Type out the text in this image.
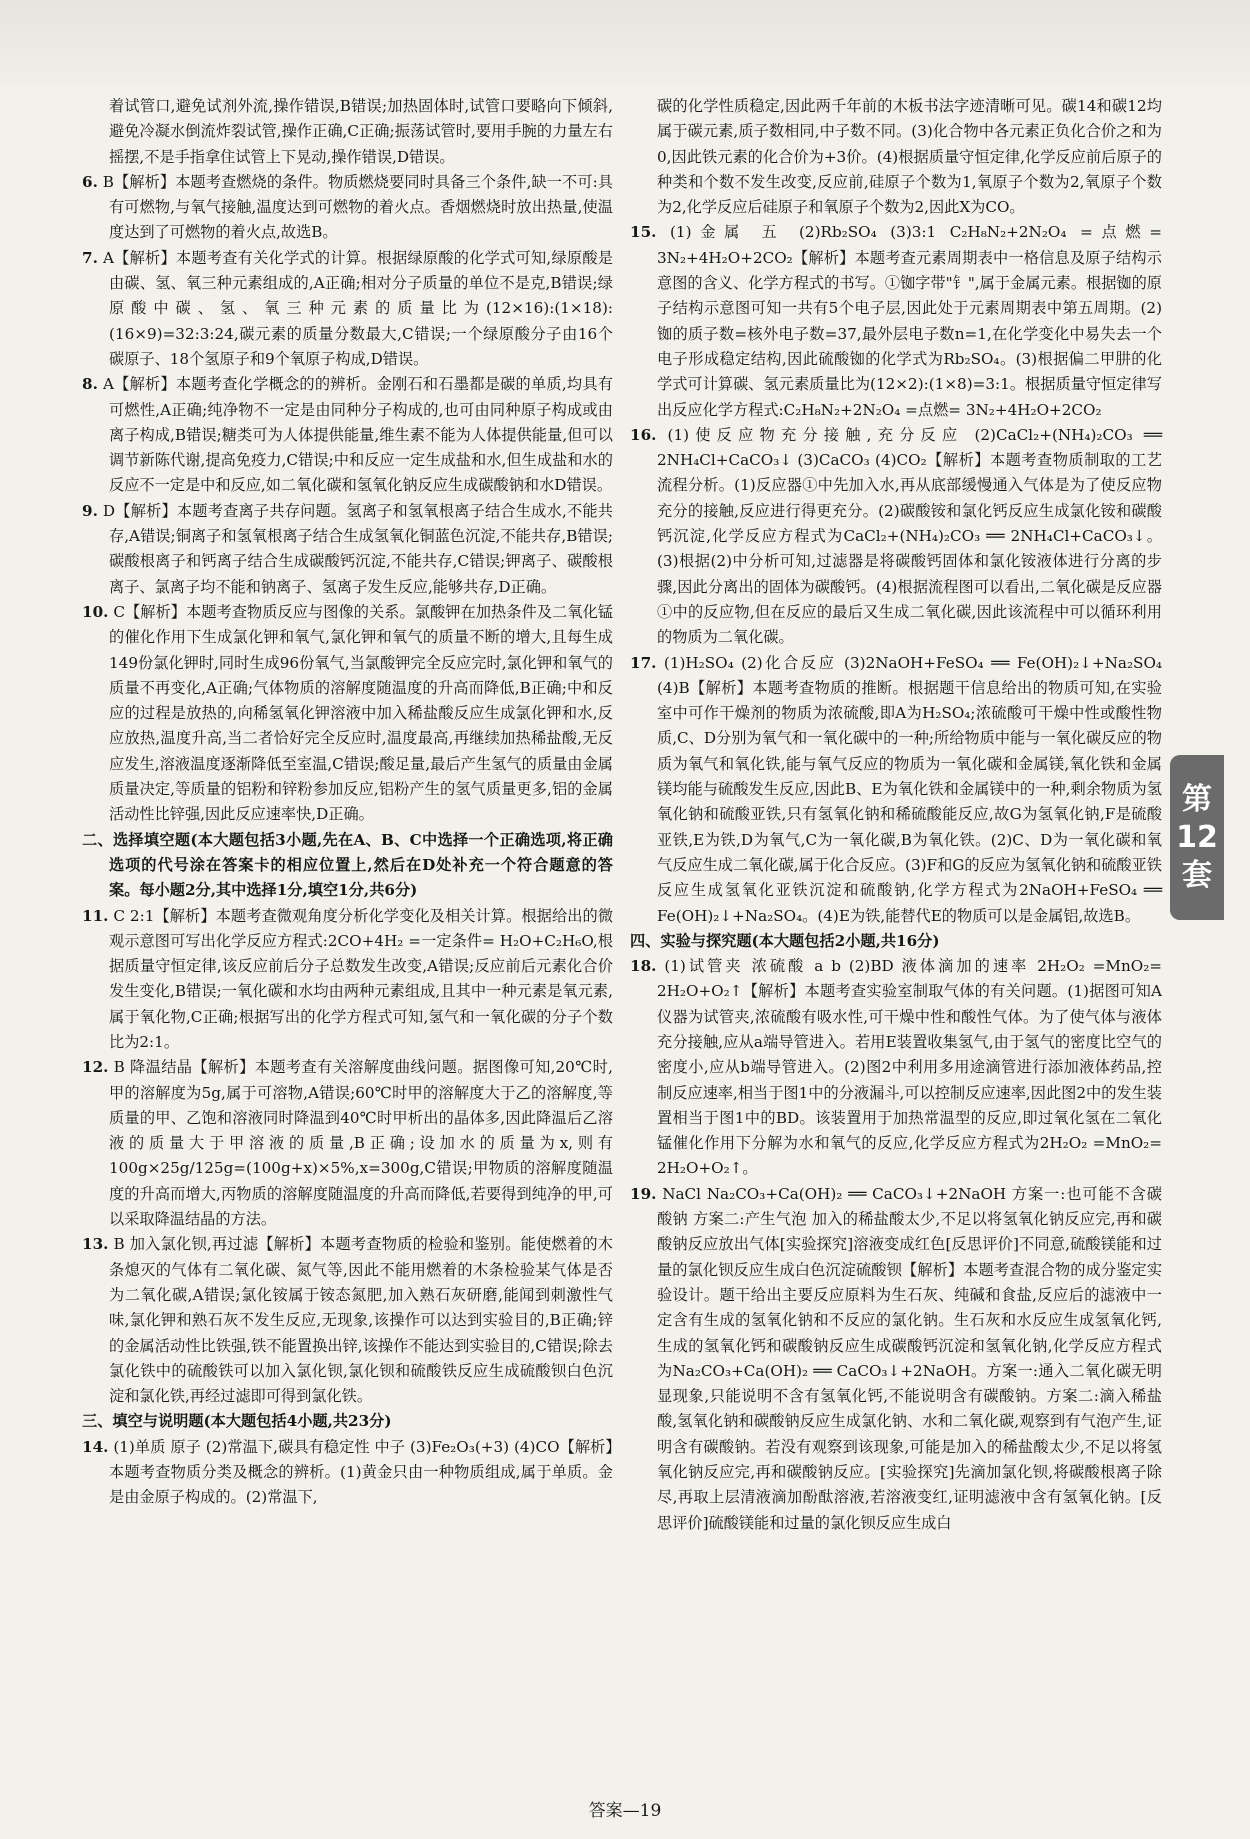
着试管口,避免试剂外流,操作错误,B错误;加热固体时,试管口要略向下倾斜,避免冷凝水倒流炸裂试管,操作正确,C正确;振荡试管时,要用手腕的力量左右摇摆,不是手指拿住试管上下晃动,操作错误,D错误。

6. B【解析】本题考查燃烧的条件。物质燃烧要同时具备三个条件,缺一不可:具有可燃物,与氧气接触,温度达到可燃物的着火点。香烟燃烧时放出热量,使温度达到了可燃物的着火点,故选B。

7. A【解析】本题考查有关化学式的计算。根据绿原酸的化学式可知,绿原酸是由碳、氢、氧三种元素组成的,A正确;相对分子质量的单位不是克,B错误;绿原酸中碳、氢、氧三种元素的质量比为(12×16):(1×18):(16×9)=32:3:24,碳元素的质量分数最大,C错误;一个绿原酸分子由16个碳原子、18个氢原子和9个氧原子构成,D错误。

8. A【解析】本题考查化学概念的的辨析。金刚石和石墨都是碳的单质,均具有可燃性,A正确;纯净物不一定是由同种分子构成的,也可由同种原子构成或由离子构成,B错误;糖类可为人体提供能量,维生素不能为人体提供能量,但可以调节新陈代谢,提高免疫力,C错误;中和反应一定生成盐和水,但生成盐和水的反应不一定是中和反应,如二氧化碳和氢氧化钠反应生成碳酸钠和水D错误。

9. D【解析】本题考查离子共存问题。氢离子和氢氧根离子结合生成水,不能共存,A错误;铜离子和氢氧根离子结合生成氢氧化铜蓝色沉淀,不能共存,B错误;碳酸根离子和钙离子结合生成碳酸钙沉淀,不能共存,C错误;钾离子、碳酸根离子、氯离子均不能和钠离子、氢离子发生反应,能够共存,D正确。

10. C【解析】本题考查物质反应与图像的关系。氯酸钾在加热条件及二氧化锰的催化作用下生成氯化钾和氧气,氯化钾和氧气的质量不断的增大,且每生成149份氯化钾时,同时生成96份氧气,当氯酸钾完全反应完时,氯化钾和氧气的质量不再变化,A正确;气体物质的溶解度随温度的升高而降低,B正确;中和反应的过程是放热的,向稀氢氧化钾溶液中加入稀盐酸反应生成氯化钾和水,反应放热,温度升高,当二者恰好完全反应时,温度最高,再继续加热稀盐酸,无反应发生,溶液温度逐渐降低至室温,C错误;酸足量,最后产生氢气的质量由金属质量决定,等质量的铝粉和锌粉参加反应,铝粉产生的氢气质量更多,铝的金属活动性比锌强,因此反应速率快,D正确。

二、选择填空题(本大题包括3小题,先在A、B、C中选择一个正确选项,将正确选项的代号涂在答案卡的相应位置上,然后在D处补充一个符合题意的答案。每小题2分,其中选择1分,填空1分,共6分)

11. C 2:1【解析】本题考查微观角度分析化学变化及相关计算。根据给出的微观示意图可写出化学反应方程式:2CO+4H₂ =一定条件= H₂O+C₂H₆O,根据质量守恒定律,该反应前后分子总数发生改变,A错误;反应前后元素化合价发生变化,B错误;一氧化碳和水均由两种元素组成,且其中一种元素是氧元素,属于氧化物,C正确;根据写出的化学方程式可知,氢气和一氧化碳的分子个数比为2:1。

12. B 降温结晶【解析】本题考查有关溶解度曲线问题。据图像可知,20℃时,甲的溶解度为5g,属于可溶物,A错误;60℃时甲的溶解度大于乙的溶解度,等质量的甲、乙饱和溶液同时降温到40℃时甲析出的晶体多,因此降温后乙溶液的质量大于甲溶液的质量,B正确;设加水的质量为x,则有100g×25g/125g=(100g+x)×5%,x=300g,C错误;甲物质的溶解度随温度的升高而增大,丙物质的溶解度随温度的升高而降低,若要得到纯净的甲,可以采取降温结晶的方法。

13. B 加入氯化钡,再过滤【解析】本题考查物质的检验和鉴别。能使燃着的木条熄灭的气体有二氧化碳、氮气等,因此不能用燃着的木条检验某气体是否为二氧化碳,A错误;氯化铵属于铵态氮肥,加入熟石灰研磨,能闻到刺激性气味,氯化钾和熟石灰不发生反应,无现象,该操作可以达到实验目的,B正确;锌的金属活动性比铁强,铁不能置换出锌,该操作不能达到实验目的,C错误;除去氯化铁中的硫酸铁可以加入氯化钡,氯化钡和硫酸铁反应生成硫酸钡白色沉淀和氯化铁,再经过滤即可得到氯化铁。

三、填空与说明题(本大题包括4小题,共23分)

14. (1)单质 原子 (2)常温下,碳具有稳定性 中子 (3)Fe₂O₃(+3) (4)CO【解析】本题考查物质分类及概念的辨析。(1)黄金只由一种物质组成,属于单质。金是由金原子构成的。(2)常温下,

碳的化学性质稳定,因此两千年前的木板书法字迹清晰可见。碳14和碳12均属于碳元素,质子数相同,中子数不同。(3)化合物中各元素正负化合价之和为0,因此铁元素的化合价为+3价。(4)根据质量守恒定律,化学反应前后原子的种类和个数不发生改变,反应前,硅原子个数为1,氧原子个数为2,氧原子个数为2,化学反应后硅原子和氧原子个数为2,因此X为CO。

15. (1)金属 五 (2)Rb₂SO₄ (3)3:1 C₂H₈N₂+2N₂O₄ =点燃= 3N₂+4H₂O+2CO₂【解析】本题考查元素周期表中一格信息及原子结构示意图的含义、化学方程式的书写。①铷字带"钅",属于金属元素。根据铷的原子结构示意图可知一共有5个电子层,因此处于元素周期表中第五周期。(2)铷的质子数=核外电子数=37,最外层电子数n=1,在化学变化中易失去一个电子形成稳定结构,因此硫酸铷的化学式为Rb₂SO₄。(3)根据偏二甲肼的化学式可计算碳、氢元素质量比为(12×2):(1×8)=3:1。根据质量守恒定律写出反应化学方程式:C₂H₈N₂+2N₂O₄ =点燃= 3N₂+4H₂O+2CO₂

16. (1)使反应物充分接触,充分反应 (2)CaCl₂+(NH₄)₂CO₃ ══ 2NH₄Cl+CaCO₃↓ (3)CaCO₃ (4)CO₂【解析】本题考查物质制取的工艺流程分析。(1)反应器①中先加入水,再从底部缓慢通入气体是为了使反应物充分的接触,反应进行得更充分。(2)碳酸铵和氯化钙反应生成氯化铵和碳酸钙沉淀,化学反应方程式为CaCl₂+(NH₄)₂CO₃ ══ 2NH₄Cl+CaCO₃↓。(3)根据(2)中分析可知,过滤器是将碳酸钙固体和氯化铵液体进行分离的步骤,因此分离出的固体为碳酸钙。(4)根据流程图可以看出,二氧化碳是反应器①中的反应物,但在反应的最后又生成二氧化碳,因此该流程中可以循环利用的物质为二氧化碳。

17. (1)H₂SO₄ (2)化合反应 (3)2NaOH+FeSO₄ ══ Fe(OH)₂↓+Na₂SO₄ (4)B【解析】本题考查物质的推断。根据题干信息给出的物质可知,在实验室中可作干燥剂的物质为浓硫酸,即A为H₂SO₄;浓硫酸可干燥中性或酸性物质,C、D分别为氧气和一氧化碳中的一种;所给物质中能与一氧化碳反应的物质为氧气和氧化铁,能与氧气反应的物质为一氧化碳和金属镁,氧化铁和金属镁均能与硫酸发生反应,因此B、E为氧化铁和金属镁中的一种,剩余物质为氢氧化钠和硫酸亚铁,只有氢氧化钠和稀硫酸能反应,故G为氢氧化钠,F是硫酸亚铁,E为铁,D为氧气,C为一氧化碳,B为氧化铁。(2)C、D为一氧化碳和氧气反应生成二氧化碳,属于化合反应。(3)F和G的反应为氢氧化钠和硫酸亚铁反应生成氢氧化亚铁沉淀和硫酸钠,化学方程式为2NaOH+FeSO₄ ══ Fe(OH)₂↓+Na₂SO₄。(4)E为铁,能替代E的物质可以是金属铝,故选B。

四、实验与探究题(本大题包括2小题,共16分)

18. (1)试管夹 浓硫酸 a b (2)BD 液体滴加的速率 2H₂O₂ =MnO₂= 2H₂O+O₂↑【解析】本题考查实验室制取气体的有关问题。(1)据图可知A仪器为试管夹,浓硫酸有吸水性,可干燥中性和酸性气体。为了使气体与液体充分接触,应从a端导管进入。若用E装置收集氢气,由于氢气的密度比空气的密度小,应从b端导管进入。(2)图2中利用多用途滴管进行添加液体药品,控制反应速率,相当于图1中的分液漏斗,可以控制反应速率,因此图2中的发生装置相当于图1中的BD。该装置用于加热常温型的反应,即过氧化氢在二氧化锰催化作用下分解为水和氧气的反应,化学反应方程式为2H₂O₂ =MnO₂= 2H₂O+O₂↑。

19. NaCl Na₂CO₃+Ca(OH)₂ ══ CaCO₃↓+2NaOH 方案一:也可能不含碳酸钠 方案二:产生气泡 加入的稀盐酸太少,不足以将氢氧化钠反应完,再和碳酸钠反应放出气体[实验探究]溶液变成红色[反思评价]不同意,硫酸镁能和过量的氯化钡反应生成白色沉淀硫酸钡【解析】本题考查混合物的成分鉴定实验设计。题干给出主要反应原料为生石灰、纯碱和食盐,反应后的滤液中一定含有生成的氢氧化钠和不反应的氯化钠。生石灰和水反应生成氢氧化钙,生成的氢氧化钙和碳酸钠反应生成碳酸钙沉淀和氢氧化钠,化学反应方程式为Na₂CO₃+Ca(OH)₂ ══ CaCO₃↓+2NaOH。方案一:通入二氧化碳无明显现象,只能说明不含有氢氧化钙,不能说明含有碳酸钠。方案二:滴入稀盐酸,氢氧化钠和碳酸钠反应生成氯化钠、水和二氧化碳,观察到有气泡产生,证明含有碳酸钠。若没有观察到该现象,可能是加入的稀盐酸太少,不足以将氢氧化钠反应完,再和碳酸钠反应。[实验探究]先滴加氯化钡,将碳酸根离子除尽,再取上层清液滴加酚酞溶液,若溶液变红,证明滤液中含有氢氧化钠。[反思评价]硫酸镁能和过量的氯化钡反应生成白

第
12
套
答案—19
